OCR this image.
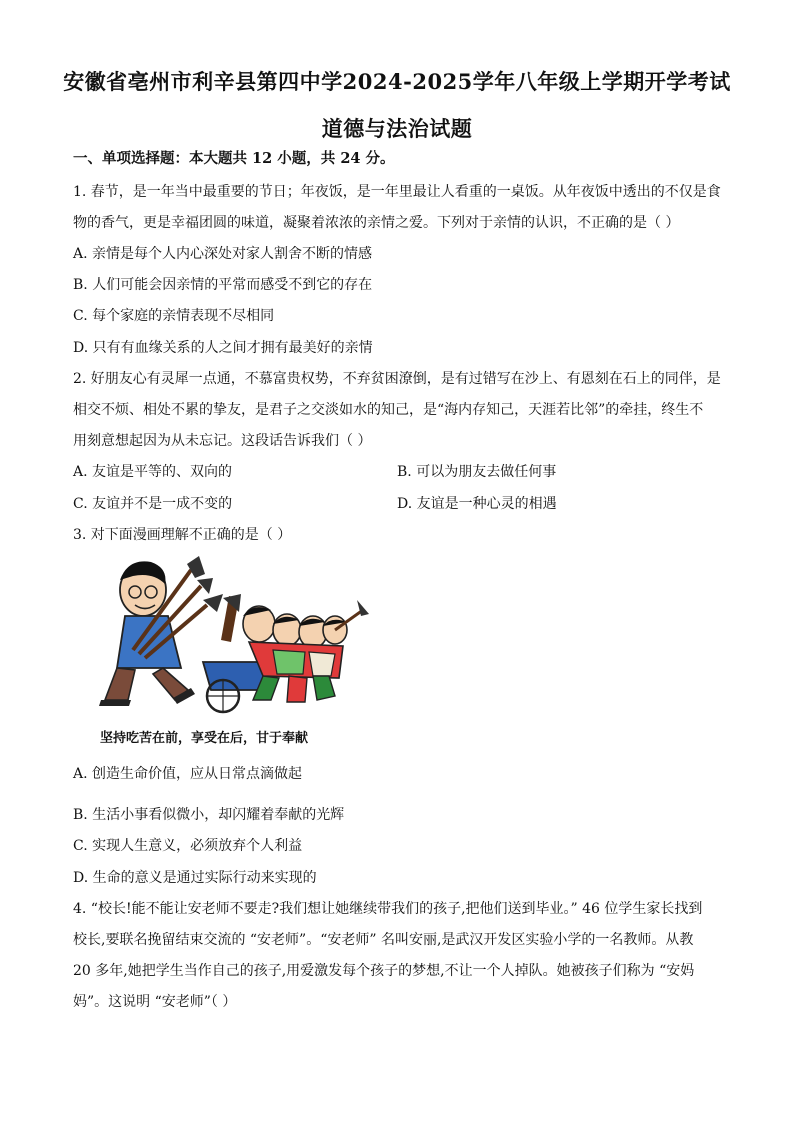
安徽省亳州市利辛县第四中学2024-2025学年八年级上学期开学考试
道德与法治试题
一、单项选择题：本大题共 12 小题，共 24 分。
1. 春节，是一年当中最重要的节日；年夜饭，是一年里最让人看重的一桌饭。从年夜饭中透出的不仅是食
物的香气，更是幸福团圆的味道，凝聚着浓浓的亲情之爱。下列对于亲情的认识，不正确的是（ ）
A. 亲情是每个人内心深处对家人割舍不断的情感
B. 人们可能会因亲情的平常而感受不到它的存在
C. 每个家庭的亲情表现不尽相同
D. 只有有血缘关系的人之间才拥有最美好的亲情
2. 好朋友心有灵犀一点通，不慕富贵权势，不弃贫困潦倒，是有过错写在沙上、有恩刻在石上的同伴，是
相交不烦、相处不累的挚友，是君子之交淡如水的知己，是“海内存知己，天涯若比邻”的牵挂，终生不
用刻意想起因为从未忘记。这段话告诉我们（ ）
A. 友谊是平等的、双向的	B. 可以为朋友去做任何事
C. 友谊并不是一成不变的	D. 友谊是一种心灵的相遇
3. 对下面漫画理解不正确的是（ ）
坚持吃苦在前，享受在后，甘于奉献
A. 创造生命价值，应从日常点滴做起
B. 生活小事看似微小，却闪耀着奉献的光辉
C. 实现人生意义，必须放弃个人利益
D. 生命的意义是通过实际行动来实现的
4. “校长!能不能让安老师不要走?我们想让她继续带我们的孩子,把他们送到毕业。” 46 位学生家长找到
校长,要联名挽留结束交流的 “安老师”。“安老师” 名叫安丽,是武汉开发区实验小学的一名教师。从教
20 多年,她把学生当作自己的孩子,用爱激发每个孩子的梦想,不让一个人掉队。她被孩子们称为 “安妈
妈”。这说明 “安老师”（ ）
